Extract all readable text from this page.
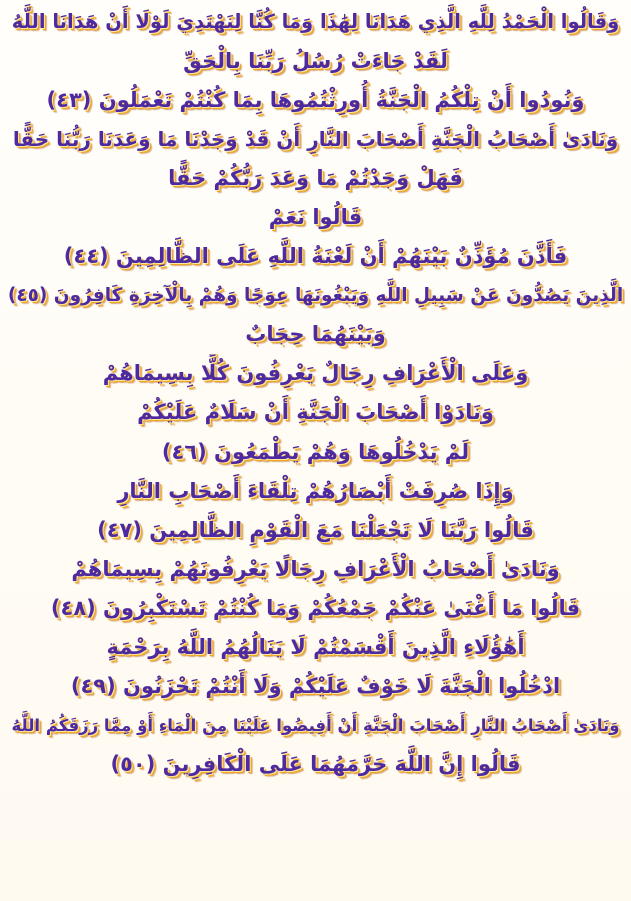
وَقَالُوا الْحَمْدُ لِلَّهِ الَّذِي هَدَانَا لِهَٰذَا وَمَا كُنَّا لِنَهْتَدِيَ لَوْلَا أَنْ هَدَانَا اللَّهُ
لَقَدْ جَاءَتْ رُسُلُ رَبِّنَا بِالْحَقِّ
وَنُودُوا أَنْ تِلْكُمُ الْجَنَّةُ أُورِثْتُمُوهَا بِمَا كُنْتُمْ تَعْمَلُونَ (٤٣)
وَنَادَىٰ أَصْحَابُ الْجَنَّةِ أَصْحَابَ النَّارِ أَنْ قَدْ وَجَدْنَا مَا وَعَدَنَا رَبُّنَا حَقًّا
فَهَلْ وَجَدْتُمْ مَا وَعَدَ رَبُّكُمْ حَقًّا
قَالُوا نَعَمْ
فَأَذَّنَ مُؤَذِّنٌ بَيْنَهُمْ أَنْ لَعْنَةُ اللَّهِ عَلَى الظَّالِمِينَ (٤٤)
الَّذِينَ يَصُدُّونَ عَنْ سَبِيلِ اللَّهِ وَيَبْغُونَهَا عِوَجًا وَهُمْ بِالْآخِرَةِ كَافِرُونَ (٤٥)
وَبَيْنَهُمَا حِجَابٌ
وَعَلَى الْأَعْرَافِ رِجَالٌ يَعْرِفُونَ كُلًّا بِسِيمَاهُمْ
وَنَادَوْا أَصْحَابَ الْجَنَّةِ أَنْ سَلَامٌ عَلَيْكُمْ
لَمْ يَدْخُلُوهَا وَهُمْ يَطْمَعُونَ (٤٦)
وَإِذَا صُرِفَتْ أَبْصَارُهُمْ تِلْقَاءَ أَصْحَابِ النَّارِ
قَالُوا رَبَّنَا لَا تَجْعَلْنَا مَعَ الْقَوْمِ الظَّالِمِينَ (٤٧)
وَنَادَىٰ أَصْحَابُ الْأَعْرَافِ رِجَالًا يَعْرِفُونَهُمْ بِسِيمَاهُمْ
قَالُوا مَا أَغْنَىٰ عَنْكُمْ جَمْعُكُمْ وَمَا كُنْتُمْ تَسْتَكْبِرُونَ (٤٨)
أَهَٰؤُلَاءِ الَّذِينَ أَقْسَمْتُمْ لَا يَنَالُهُمُ اللَّهُ بِرَحْمَةٍ
ادْخُلُوا الْجَنَّةَ لَا خَوْفٌ عَلَيْكُمْ وَلَا أَنْتُمْ تَحْزَنُونَ (٤٩)
وَنَادَىٰ أَصْحَابُ النَّارِ أَصْحَابَ الْجَنَّةِ أَنْ أَفِيضُوا عَلَيْنَا مِنَ الْمَاءِ أَوْ مِمَّا رَزَقَكُمُ اللَّهُ
قَالُوا إِنَّ اللَّهَ حَرَّمَهُمَا عَلَى الْكَافِرِينَ (٥٠)
